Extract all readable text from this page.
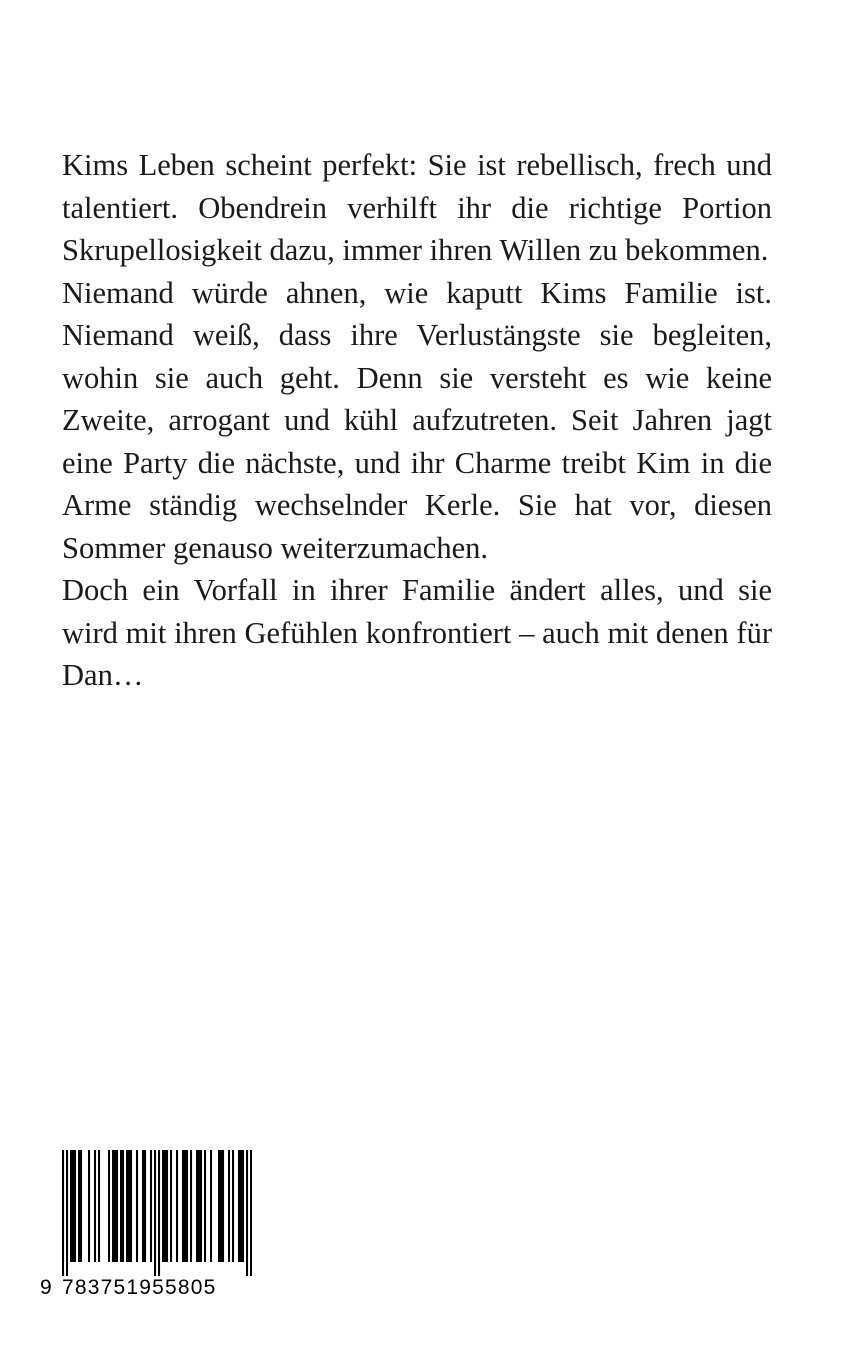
Kims Leben scheint perfekt: Sie ist rebellisch, frech und talentiert. Obendrein verhilft ihr die richtige Portion Skrupellosigkeit dazu, immer ihren Willen zu bekommen.

Niemand würde ahnen, wie kaputt Kims Familie ist. Niemand weiß, dass ihre Verlustängste sie begleiten, wohin sie auch geht. Denn sie versteht es wie keine Zweite, arrogant und kühl aufzutreten. Seit Jahren jagt eine Party die nächste, und ihr Charme treibt Kim in die Arme ständig wechselnder Kerle. Sie hat vor, diesen Sommer genauso weiterzumachen.

Doch ein Vorfall in ihrer Familie ändert alles, und sie wird mit ihren Gefühlen konfrontiert – auch mit denen für Dan…

9 783751955805
